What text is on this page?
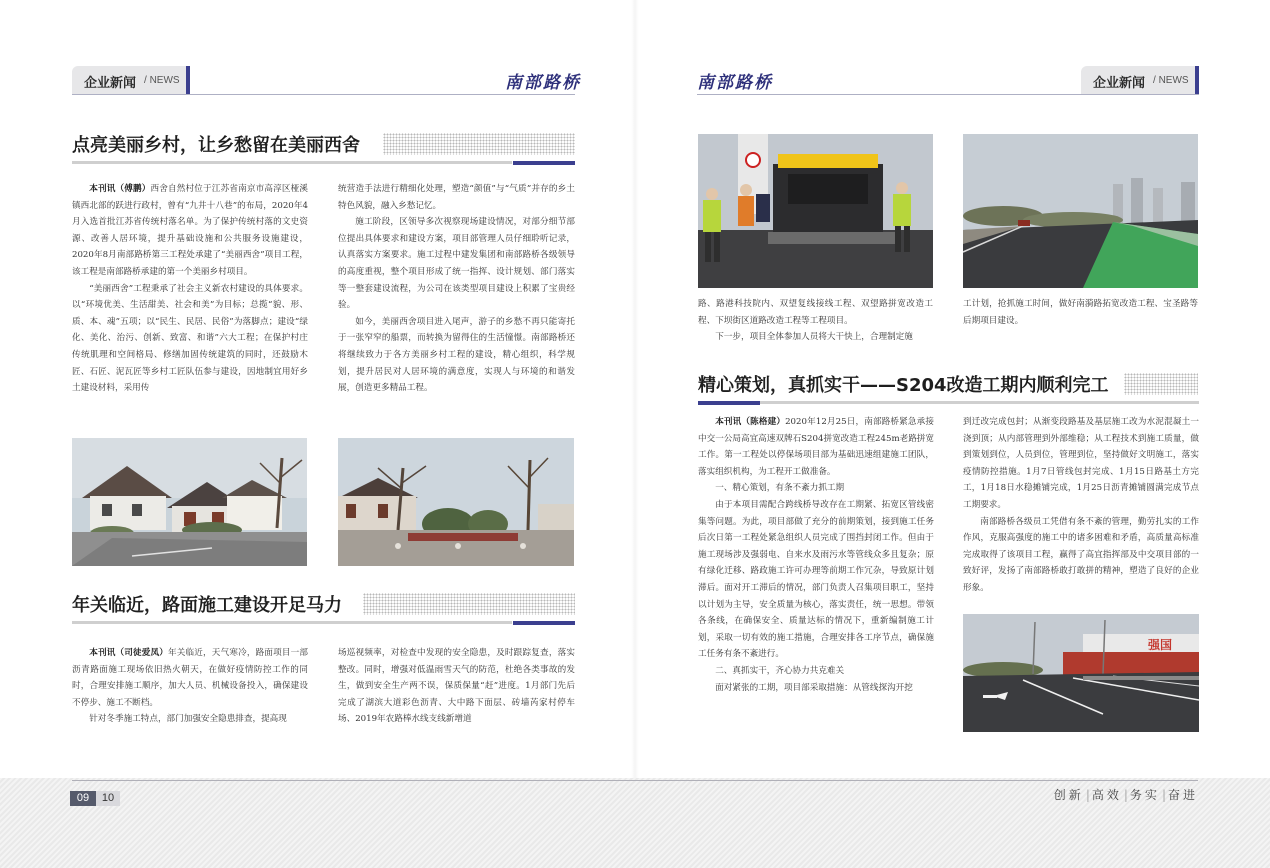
企业新闻 / NEWS	南部路桥
点亮美丽乡村，让乡愁留在美丽西舍

本刊讯（傅鹏）西舍自然村位于江苏省南京市高淳区桠溪镇西北部的跃进行政村，曾有“九井十八巷”的布局，2020年4月入选首批江苏省传统村落名单。为了保护传统村落的文史资源、改善人居环境，提升基础设施和公共服务设施建设，2020年8月南部路桥第三工程处承建了“美丽西舍”项目工程，该工程是南部路桥承建的第一个美丽乡村项目。

“美丽西舍”工程秉承了社会主义新农村建设的具体要求。以“环境优美、生活甜美、社会和美”为目标；总揽“貌、形、质、本、魂”五项；以“民生、民居、民俗”为落脚点；建设“绿化、美化、治污、创新、致富、和谐”六大工程；在保护村庄传统肌理和空间格局、修缮加固传统建筑的同时，还鼓励木匠、石匠、泥瓦匠等乡村工匠队伍参与建设，因地制宜用好乡土建设材料，采用传

统营造手法进行精细化处理，塑造“颜值”与“气质”并存的乡土特色风貌，融入乡愁记忆。

施工阶段，区领导多次视察现场建设情况，对部分细节部位提出具体要求和建设方案，项目部管理人员仔细聆听记录，认真落实方案要求。施工过程中建发集团和南部路桥各级领导的高度重视，整个项目形成了统一指挥、设计规划、部门落实等一整套建设流程，为公司在该类型项目建设上积累了宝贵经验。

如今，美丽西舍项目进入尾声，游子的乡愁不再只能寄托于一张窄窄的船票，而转换为留得住的生活憧憬。南部路桥还将继续致力于各方美丽乡村工程的建设，精心组织，科学规划，提升居民对人居环境的满意度，实现人与环境的和谐发展，创造更多精品工程。

年关临近，路面施工建设开足马力

本刊讯（司徒爱凤）年关临近，天气寒冷，路面项目一部沥青路面施工现场依旧热火朝天，在做好疫情防控工作的同时，合理安排施工顺序，加大人员、机械设备投入，确保建设不停步、施工不断档。

针对冬季施工特点，部门加强安全隐患排查，提高现

场巡视频率，对检查中发现的安全隐患，及时跟踪复查，落实整改。同时，增强对低温雨雪天气的防范，杜绝各类事故的发生，做到安全生产两不误，保质保量“赶”进度。1月部门先后完成了湖滨大道彩色沥青、大中路下面层、砖墙芮家村停车场、2019年农路棒水线支线新增道

南部路桥	企业新闻 / NEWS

路、路港科技院内、双望复线接线工程、双望路拼宽改造工程、下坝街区道路改造工程等工程项目。

下一步，项目全体参加人员将大干快上，合理制定施

工计划，抢抓施工时间，做好南漪路拓宽改造工程、宝圣路等后期项目建设。

精心策划，真抓实干——S204改造工期内顺利完工

本刊讯（陈格建）2020年12月25日，南部路桥紧急承接中交一公局高宜高速双牌石S204拼宽改造工程245m老路拼宽工作。第一工程处以停保场项目部为基础迅速组建施工团队，落实组织机构，为工程开工做准备。

一、精心策划，有条不紊力抓工期

由于本项目需配合跨线桥导改存在工期紧、拓宽区管线密集等问题。为此，项目部做了充分的前期策划，接到施工任务后次日第一工程处紧急组织人员完成了围挡封闭工作。但由于施工现场涉及强弱电、自来水及雨污水等管线众多且复杂；原有绿化迁移、路政施工许可办理等前期工作冗杂，导致原计划滞后。面对开工滞后的情况，部门负责人召集项目职工，坚持以计划为主导，安全质量为核心，落实责任，统一思想。带领各条线，在确保安全、质量达标的情况下，重新编制施工计划，采取一切有效的施工措施，合理安排各工序节点，确保施工任务有条不紊进行。

二、真抓实干，齐心协力共克难关

面对紧张的工期，项目部采取措施：从管线探沟开挖

到迁改完成包封；从渐变段路基及基层施工改为水泥混凝土一浇到顶；从内部管理到外部维稳；从工程技术到施工质量，做到策划到位，人员到位，管理到位，坚持做好文明施工，落实疫情防控措施。1月7日管线包封完成、1月15日路基土方完工，1月18日水稳摊铺完成，1月25日沥青摊铺圆满完成节点工期要求。

南部路桥各级员工凭借有条不紊的管理，勤劳扎实的工作作风，克服高强度的施工中的诸多困难和矛盾，高质量高标准完成取得了该项目工程，赢得了高宜指挥部及中交项目部的一致好评，发扬了南部路桥敢打敢拼的精神，塑造了良好的企业形象。

强国
09	10	创新 | 高效 | 务实 | 奋进
